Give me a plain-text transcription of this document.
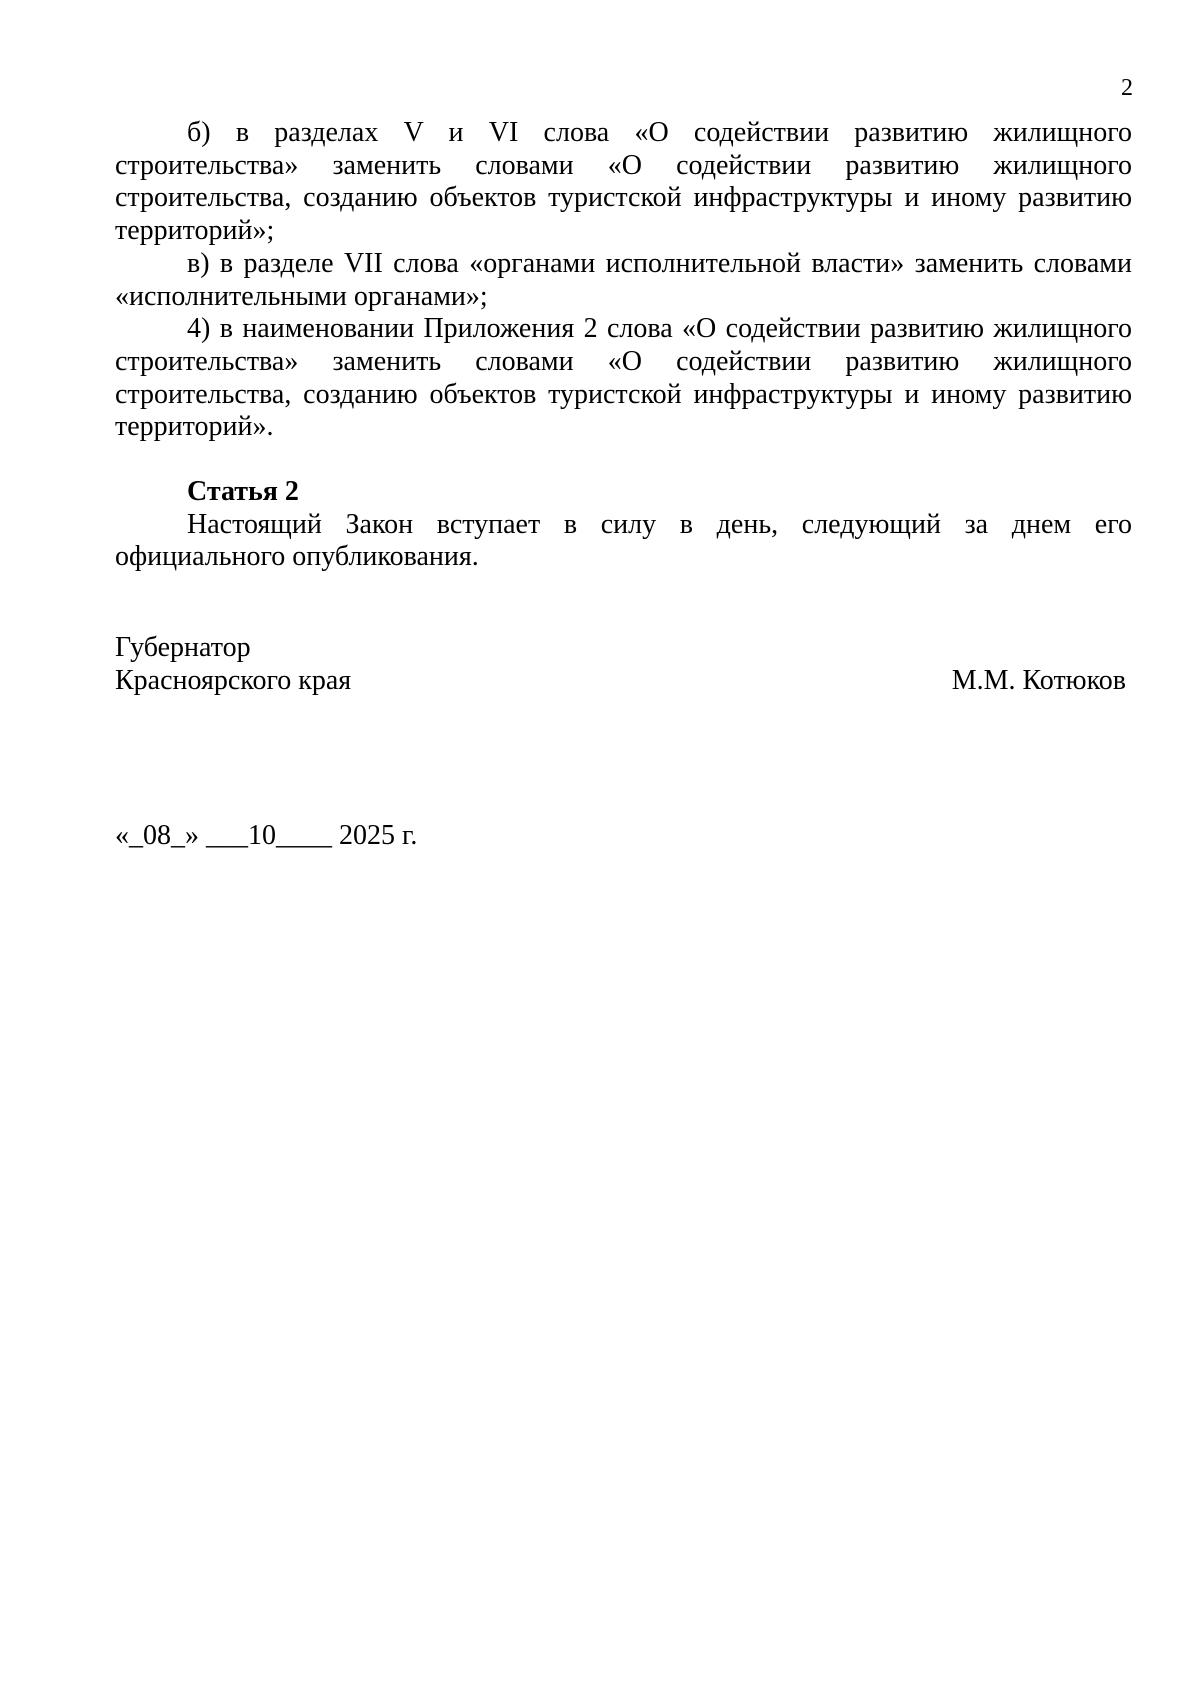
2

б) в разделах V и VI слова «О содействии развитию жилищного строительства» заменить словами «О содействии развитию жилищного строительства, созданию объектов туристской инфраструктуры и иному развитию территорий»;

в) в разделе VII слова «органами исполнительной власти» заменить словами «исполнительными органами»;

4) в наименовании Приложения 2 слова «О содействии развитию жилищного строительства» заменить словами «О содействии развитию жилищного строительства, созданию объектов туристской инфраструктуры и иному развитию территорий».

Статья 2

Настоящий Закон вступает в силу в день, следующий за днем его официального опубликования.

Губернатор
Красноярского края	М.М. Котюков
«_08_» ___10____ 2025 г.
